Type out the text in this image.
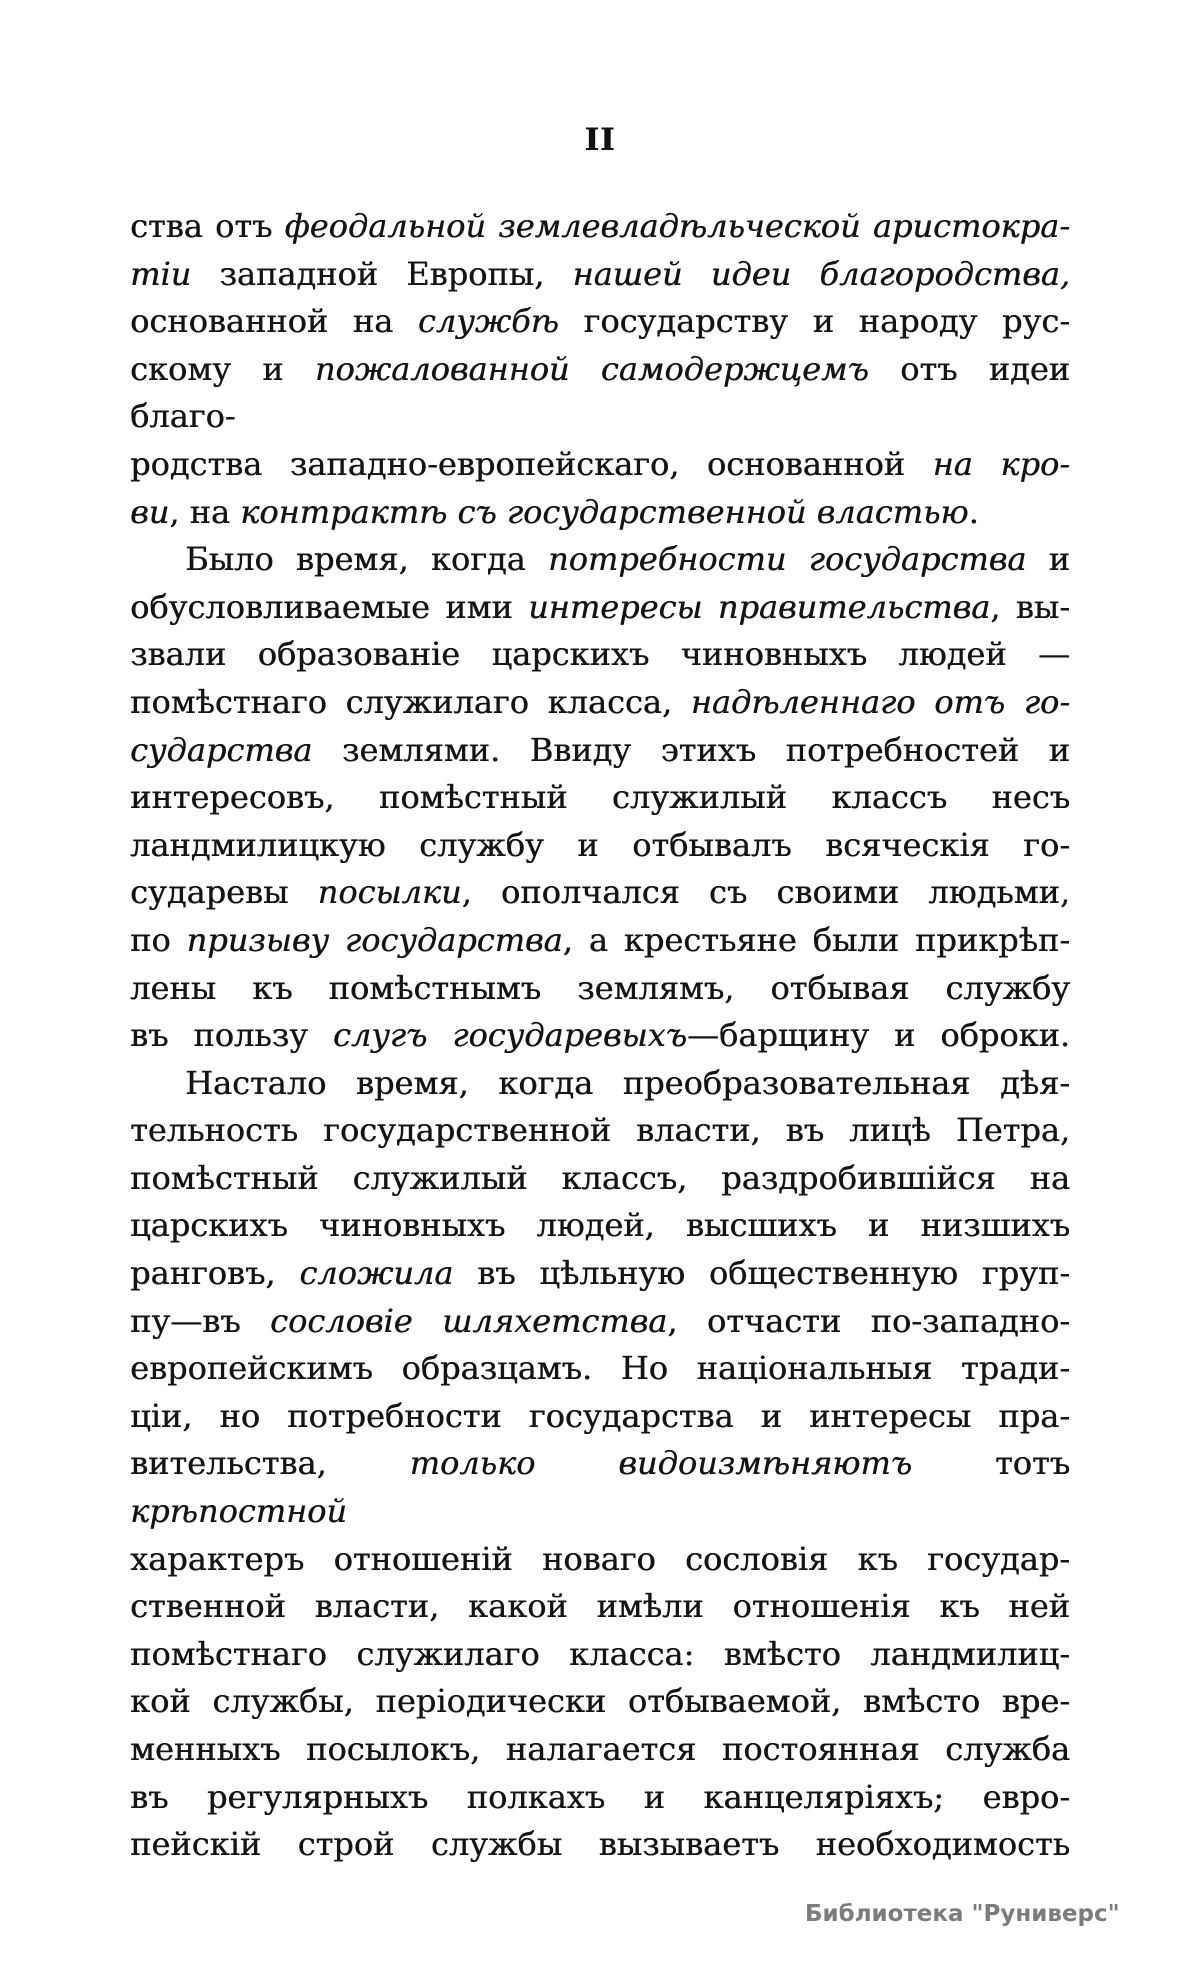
II
ства отъ феодальной землевладѣльческой аристокра-
тіи западной Европы, нашей идеи благородства,
основанной на службѣ государству и народу рус-
скому и пожалованной самодержцемъ отъ идеи благо-
родства западно-европейскаго, основанной на кро-
ви, на контрактѣ съ государственной властью.
Было время, когда потребности государства и
обусловливаемые ими интересы правительства, вы-
звали образованіе царскихъ чиновныхъ людей —
помѣстнаго служилаго класса, надѣленнаго отъ го-
сударства землями. Ввиду этихъ потребностей и
интересовъ, помѣстный служилый классъ несъ
ландмилицкую службу и отбывалъ всяческія го-
сударевы посылки, ополчался съ своими людьми,
по призыву государства, а крестьяне были прикрѣп-
лены къ помѣстнымъ землямъ, отбывая службу
въ пользу слугъ государевыхъ—барщину и оброки.
Настало время, когда преобразовательная дѣя-
тельность государственной власти, въ лицѣ Петра,
помѣстный служилый классъ, раздробившійся на
царскихъ чиновныхъ людей, высшихъ и низшихъ
ранговъ, сложила въ цѣльную общественную груп-
пу—въ сословіе шляхетства, отчасти по-западно-
европейскимъ образцамъ. Но національныя тради-
ціи, но потребности государства и интересы пра-
вительства, только видоизмѣняютъ тотъ крѣпостной
характеръ отношеній новаго сословія къ государ-
ственной власти, какой имѣли отношенія къ ней
помѣстнаго служилаго класса: вмѣсто ландмилиц-
кой службы, періодически отбываемой, вмѣсто вре-
менныхъ посылокъ, налагается постоянная служба
въ регулярныхъ полкахъ и канцеляріяхъ; евро-
пейскій строй службы вызываетъ необходимость
Библиотека "Руниверс"
